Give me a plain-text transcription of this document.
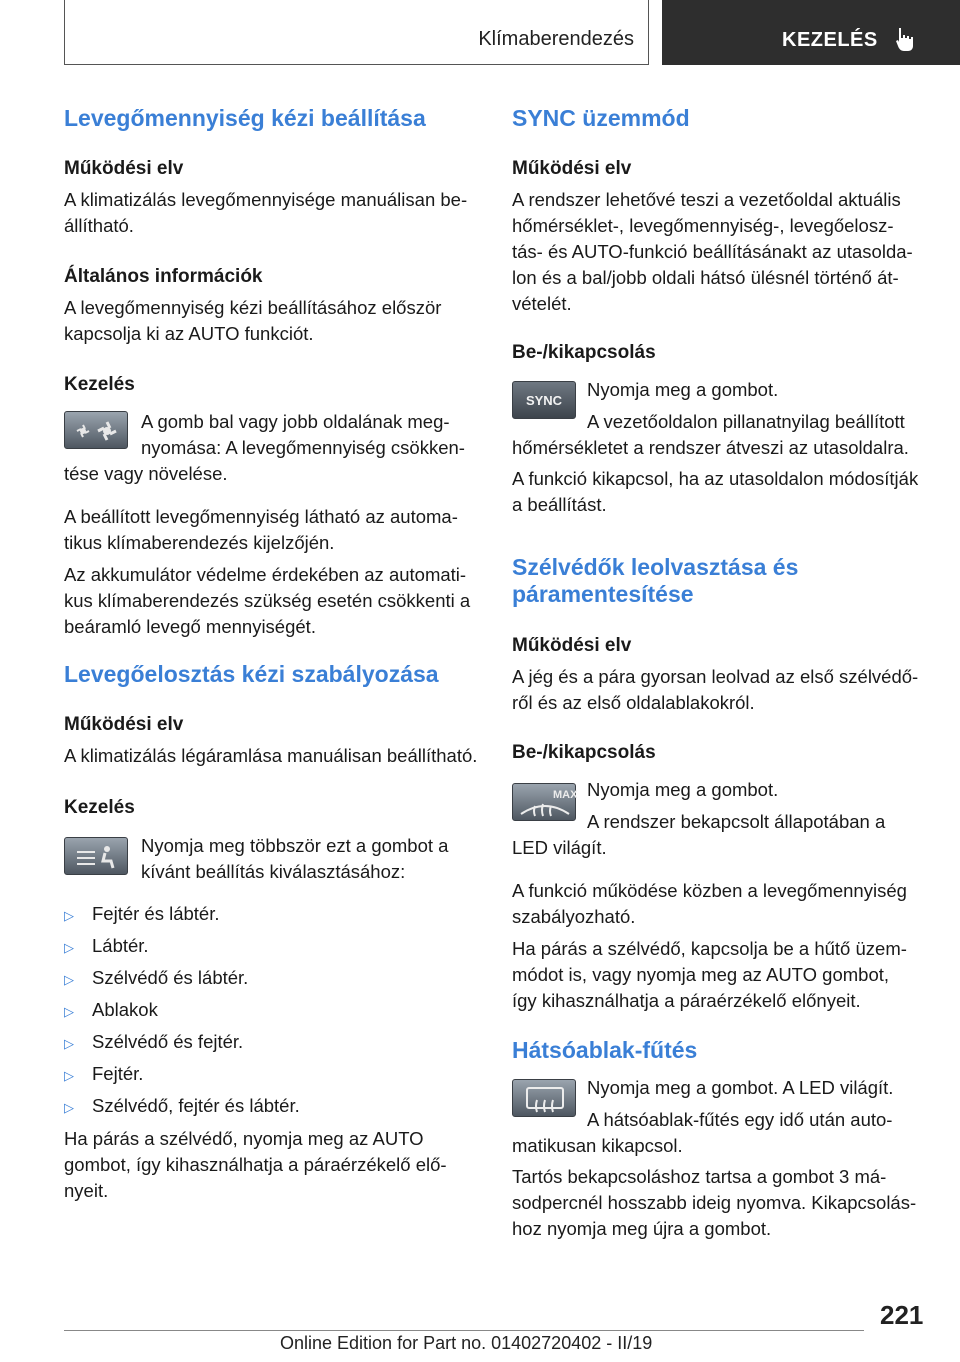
Klímaberendezés	KEZELÉS
Levegőmennyiség kézi beállítása
Működési elv

A klimatizálás levegőmennyisége manuálisan be-

állítható.

Általános információk

A levegőmennyiség kézi beállításához először

kapcsolja ki az AUTO funkciót.

Kezelés

A gomb bal vagy jobb oldalának meg-

nyomása: A levegőmennyiség csökken-

tése vagy növelése.

A beállított levegőmennyiség látható az automa-

tikus klímaberendezés kijelzőjén.

Az akkumulátor védelme érdekében az automati-

kus klímaberendezés szükség esetén csökkenti a

beáramló levegő mennyiségét.

Levegőelosztás kézi szabályozása
Működési elv

A klimatizálás légáramlása manuálisan beállítható.

Kezelés

Nyomja meg többször ezt a gombot a

kívánt beállítás kiválasztásához:

▷ Fejtér és lábtér.
▷ Lábtér.
▷ Szélvédő és lábtér.
▷ Ablakok
▷ Szélvédő és fejtér.
▷ Fejtér.
▷ Szélvédő, fejtér és lábtér.

Ha párás a szélvédő, nyomja meg az AUTO

gombot, így kihasználhatja a páraérzékelő elő-

nyeit.

SYNC üzemmód
Működési elv

A rendszer lehetővé teszi a vezetőoldal aktuális

hőmérséklet-, levegőmennyiség-, levegőelosz-

tás- és AUTO-funkció beállításánakt az utasolda-

lon és a bal/jobb oldali hátsó ülésnél történő át-

vételét.

Be-/kikapcsolás
SYNC

Nyomja meg a gombot.

A vezetőoldalon pillanatnyilag beállított

hőmérsékletet a rendszer átveszi az utasoldalra.

A funkció kikapcsol, ha az utasoldalon módosítják

a beállítást.

Szélvédők leolvasztása és
páramentesítése
Működési elv

A jég és a pára gyorsan leolvad az első szélvédő-

ről és az első oldalablakokról.

Be-/kikapcsolás
MAX Nyomja meg a gombot.

A rendszer bekapcsolt állapotában a

LED világít.

A funkció működése közben a levegőmennyiség

szabályozható.

Ha párás a szélvédő, kapcsolja be a hűtő üzem-

módot is, vagy nyomja meg az AUTO gombot,

így kihasználhatja a páraérzékelő előnyeit.

Hátsóablak-fűtés

Nyomja meg a gombot. A LED világít.

A hátsóablak-fűtés egy idő után auto-

matikusan kikapcsol.

Tartós bekapcsoláshoz tartsa a gombot 3 má-

sodpercnél hosszabb ideig nyomva. Kikapcsolás-

hoz nyomja meg újra a gombot.

221
Online Edition for Part no. 01402720402 - II/19
